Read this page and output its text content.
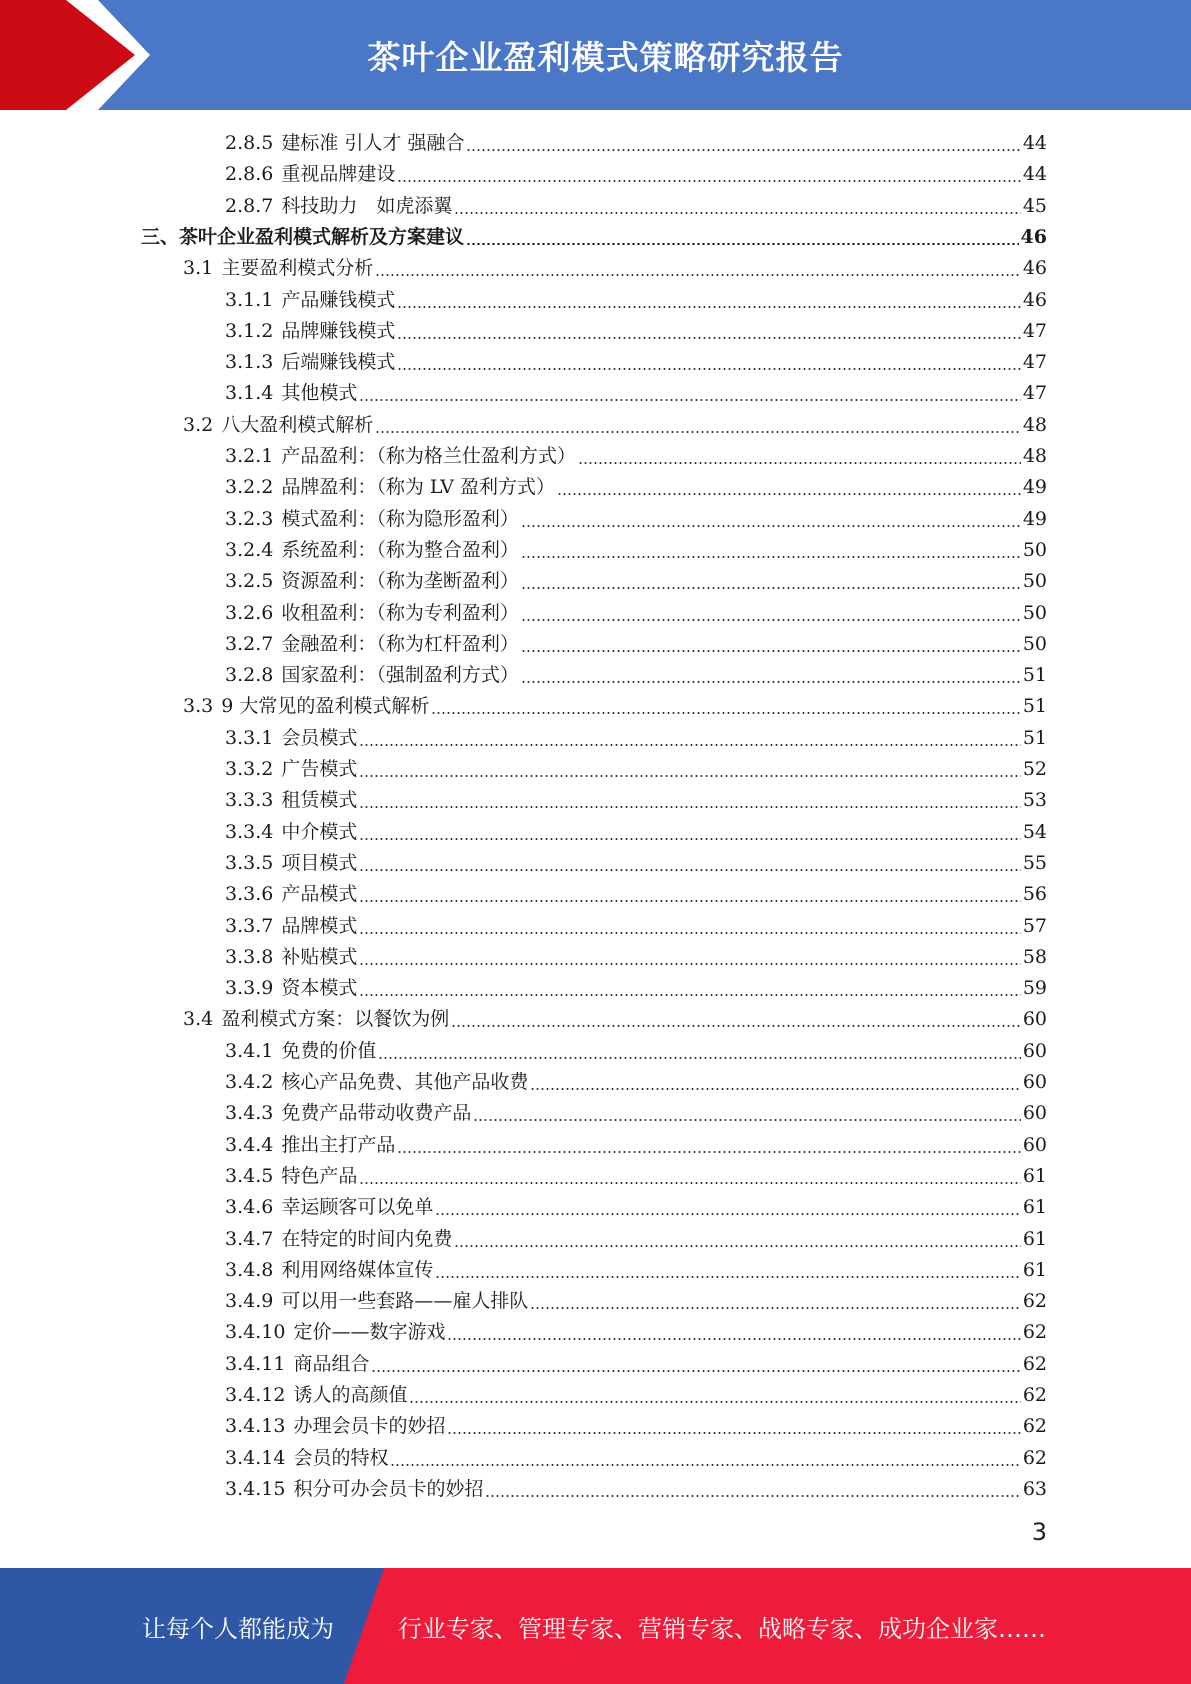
茶叶企业盈利模式策略研究报告
2.8.5 建标准 引人才 强融合	44
2.8.6 重视品牌建设	44
2.8.7 科技助力　如虎添翼	45
三、茶叶企业盈利模式解析及方案建议	46
3.1 主要盈利模式分析	46
3.1.1 产品赚钱模式	46
3.1.2 品牌赚钱模式	47
3.1.3 后端赚钱模式	47
3.1.4 其他模式	47
3.2 八大盈利模式解析	48
3.2.1 产品盈利：（称为格兰仕盈利方式）	48
3.2.2 品牌盈利：（称为 LV 盈利方式）	49
3.2.3 模式盈利：（称为隐形盈利）	49
3.2.4 系统盈利：（称为整合盈利）	50
3.2.5 资源盈利：（称为垄断盈利）	50
3.2.6 收租盈利：（称为专利盈利）	50
3.2.7 金融盈利：（称为杠杆盈利）	50
3.2.8 国家盈利：（强制盈利方式）	51
3.3 9 大常见的盈利模式解析	51
3.3.1 会员模式	51
3.3.2 广告模式	52
3.3.3 租赁模式	53
3.3.4 中介模式	54
3.3.5 项目模式	55
3.3.6 产品模式	56
3.3.7 品牌模式	57
3.3.8 补贴模式	58
3.3.9 资本模式	59
3.4 盈利模式方案：以餐饮为例	60
3.4.1 免费的价值	60
3.4.2 核心产品免费、其他产品收费	60
3.4.3 免费产品带动收费产品	60
3.4.4 推出主打产品	60
3.4.5 特色产品	61
3.4.6 幸运顾客可以免单	61
3.4.7 在特定的时间内免费	61
3.4.8 利用网络媒体宣传	61
3.4.9 可以用一些套路——雇人排队	62
3.4.10 定价——数字游戏	62
3.4.11 商品组合	62
3.4.12 诱人的高颜值	62
3.4.13 办理会员卡的妙招	62
3.4.14 会员的特权	62
3.4.15 积分可办会员卡的妙招	63
3
让每个人都能成为	行业专家、管理专家、营销专家、战略专家、成功企业家……
